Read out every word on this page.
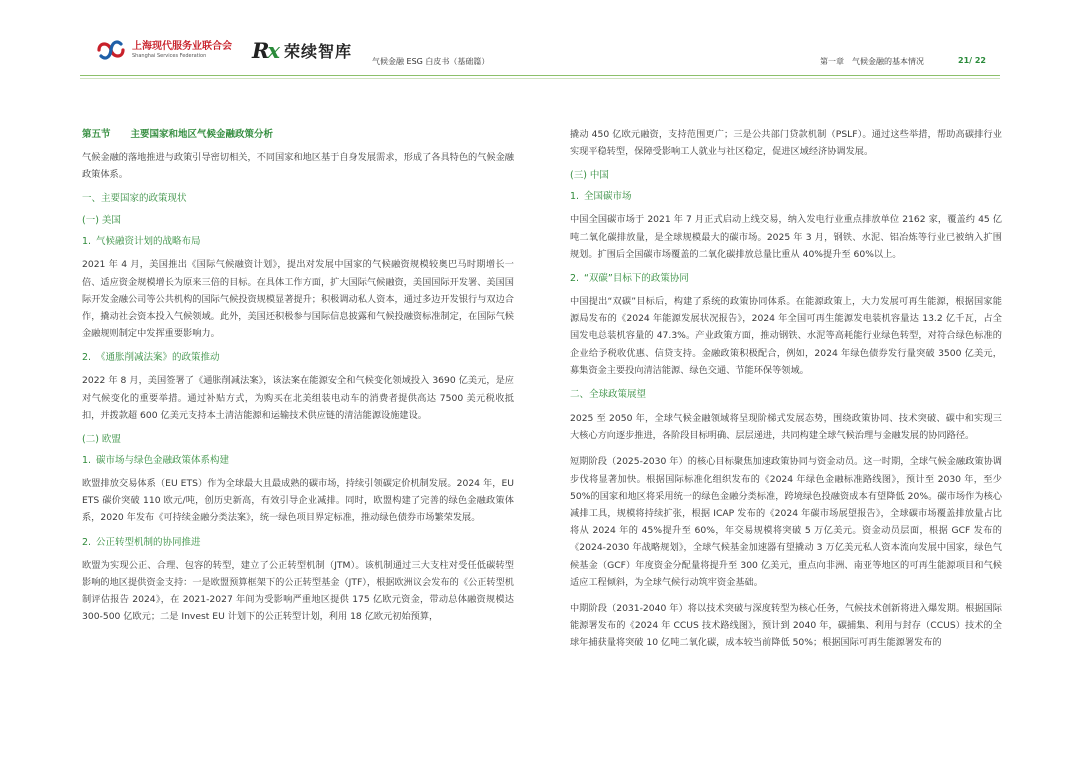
上海现代服务业联合会
Shanghai Services Federation	Rx 荣续智库
气候金融 ESG 白皮书（基础篇）	第一章　气候金融的基本情况	21/ 22
第五节 主要国家和地区气候金融政策分析

气候金融的落地推进与政策引导密切相关，不同国家和地区基于自身发展需求，形成了各具特色的气候金融政策体系。

一、主要国家的政策现状
(一) 美国
1. 气候融资计划的战略布局

2021 年 4 月，美国推出《国际气候融资计划》，提出对发展中国家的气候融资规模较奥巴马时期增长一倍、适应资金规模增长为原来三倍的目标。在具体工作方面，扩大国际气候融资，美国国际开发署、美国国际开发金融公司等公共机构的国际气候投资规模显著提升；积极调动私人资本，通过多边开发银行与双边合作，撬动社会资本投入气候领域。此外，美国还积极参与国际信息披露和气候投融资标准制定，在国际气候金融规则制定中发挥重要影响力。

2. 《通胀削减法案》的政策推动

2022 年 8 月，美国签署了《通胀削减法案》，该法案在能源安全和气候变化领域投入 3690 亿美元，是应对气候变化的重要举措。通过补贴方式，为购买在北美组装电动车的消费者提供高达 7500 美元税收抵扣，并拨款超 600 亿美元支持本土清洁能源和运输技术供应链的清洁能源设施建设。

(二) 欧盟
1. 碳市场与绿色金融政策体系构建

欧盟排放交易体系（EU ETS）作为全球最大且最成熟的碳市场，持续引领碳定价机制发展。2024 年，EU ETS 碳价突破 110 欧元/吨，创历史新高，有效引导企业减排。同时，欧盟构建了完善的绿色金融政策体系，2020 年发布《可持续金融分类法案》，统一绿色项目界定标准，推动绿色债券市场繁荣发展。

2. 公正转型机制的协同推进

欧盟为实现公正、合理、包容的转型，建立了公正转型机制（JTM）。该机制通过三大支柱对受任低碳转型影响的地区提供资金支持：一是欧盟预算框架下的公正转型基金（JTF），根据欧洲议会发布的《公正转型机制评估报告 2024》，在 2021-2027 年间为受影响严重地区提供 175 亿欧元资金，带动总体融资规模达 300-500 亿欧元；二是 Invest EU 计划下的公正转型计划，利用 18 亿欧元初始预算，

撬动 450 亿欧元融资，支持范围更广；三是公共部门贷款机制（PSLF）。通过这些举措，帮助高碳排行业实现平稳转型，保障受影响工人就业与社区稳定，促进区域经济协调发展。

(三) 中国
1. 全国碳市场

中国全国碳市场于 2021 年 7 月正式启动上线交易，纳入发电行业重点排放单位 2162 家，覆盖约 45 亿吨二氧化碳排放量，是全球规模最大的碳市场。2025 年 3 月，钢铁、水泥、铝冶炼等行业已被纳入扩围规划。扩围后全国碳市场覆盖的二氧化碳排放总量比重从 40%提升至 60%以上。

2. “双碳”目标下的政策协同

中国提出“双碳”目标后，构建了系统的政策协同体系。在能源政策上，大力发展可再生能源，根据国家能源局发布的《2024 年能源发展状况报告》，2024 年全国可再生能源发电装机容量达 13.2 亿千瓦，占全国发电总装机容量的 47.3%。产业政策方面，推动钢铁、水泥等高耗能行业绿色转型，对符合绿色标准的企业给予税收优惠、信贷支持。金融政策积极配合，例如，2024 年绿色债券发行量突破 3500 亿美元，募集资金主要投向清洁能源、绿色交通、节能环保等领域。

二、全球政策展望

2025 至 2050 年，全球气候金融领域将呈现阶梯式发展态势，围绕政策协同、技术突破、碳中和实现三大核心方向逐步推进，各阶段目标明确、层层递进，共同构建全球气候治理与金融发展的协同路径。

短期阶段（2025-2030 年）的核心目标聚焦加速政策协同与资金动员。这一时期，全球气候金融政策协调步伐将显著加快。根据国际标准化组织发布的《2024 年绿色金融标准路线图》，预计至 2030 年，至少 50%的国家和地区将采用统一的绿色金融分类标准，跨境绿色投融资成本有望降低 20%。碳市场作为核心减排工具，规模将持续扩张，根据 ICAP 发布的《2024 年碳市场展望报告》，全球碳市场覆盖排放量占比将从 2024 年的 45%提升至 60%，年交易规模将突破 5 万亿美元。资金动员层面，根据 GCF 发布的《2024-2030 年战略规划》，全球气候基金加速器有望撬动 3 万亿美元私人资本流向发展中国家，绿色气候基金（GCF）年度资金分配量将提升至 300 亿美元，重点向非洲、南亚等地区的可再生能源项目和气候适应工程倾斜，为全球气候行动筑牢资金基础。

中期阶段（2031-2040 年）将以技术突破与深度转型为核心任务，气候技术创新将进入爆发期。根据国际能源署发布的《2024 年 CCUS 技术路线图》，预计到 2040 年，碳捕集、利用与封存（CCUS）技术的全球年捕获量将突破 10 亿吨二氧化碳，成本较当前降低 50%；根据国际可再生能源署发布的
